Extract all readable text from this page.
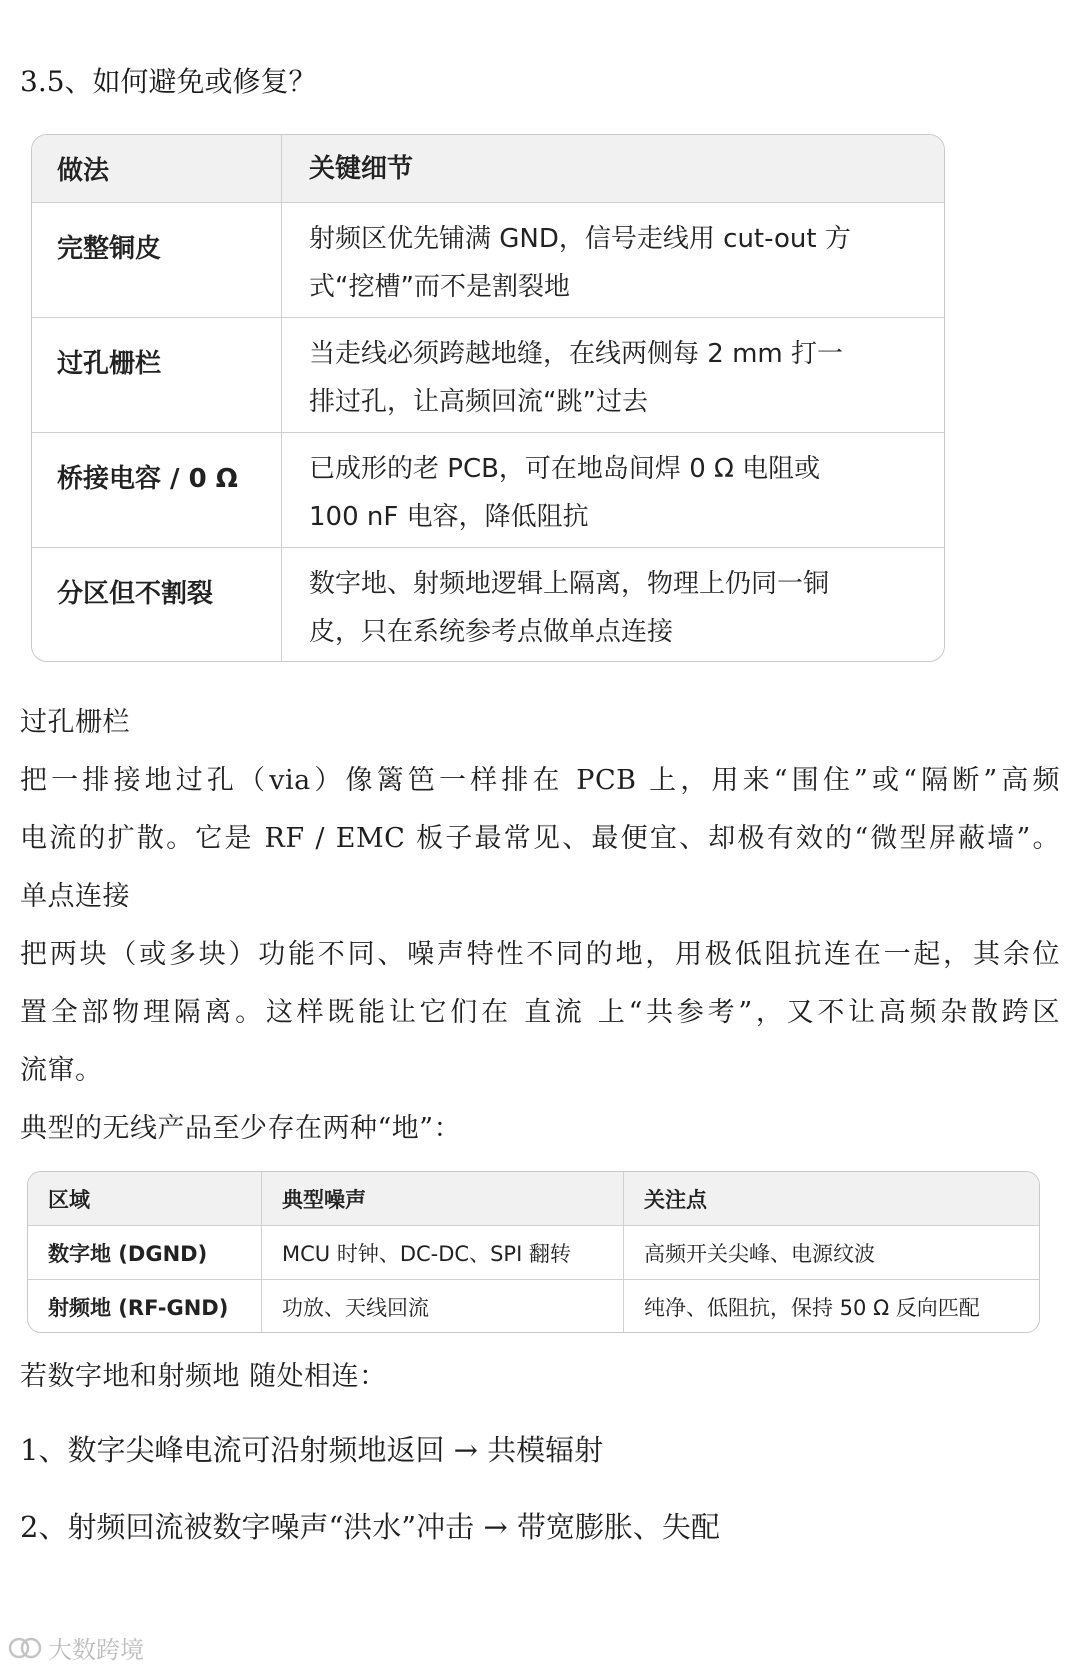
3.5、如何避免或修复？
做法	关键细节
完整铜皮	射频区优先铺满 GND，信号走线用 cut-out 方
式“挖槽”而不是割裂地
过孔栅栏	当走线必须跨越地缝，在线两侧每 2 mm 打一
排过孔，让高频回流“跳”过去
桥接电容 / 0 Ω	已成形的老 PCB，可在地岛间焊 0 Ω 电阻或
100 nF 电容，降低阻抗
分区但不割裂	数字地、射频地逻辑上隔离，物理上仍同一铜
皮，只在系统参考点做单点连接
过孔栅栏
把一排接地过孔（via）像篱笆一样排在 PCB 上，用来“围住”或“隔断”高频
电流的扩散。它是 RF / EMC 板子最常见、最便宜、却极有效的“微型屏蔽墙”。
单点连接
把两块（或多块）功能不同、噪声特性不同的地，用极低阻抗连在一起，其余位
置全部物理隔离。这样既能让它们在 直流 上“共参考”，又不让高频杂散跨区
流窜。
典型的无线产品至少存在两种“地”：
区域	典型噪声	关注点
数字地 (DGND)	MCU 时钟、DC-DC、SPI 翻转	高频开关尖峰、电源纹波
射频地 (RF-GND)	功放、天线回流	纯净、低阻抗，保持 50 Ω 反向匹配
若数字地和射频地 随处相连：
1、数字尖峰电流可沿射频地返回 → 共模辐射
2、射频回流被数字噪声“洪水”冲击 → 带宽膨胀、失配
大数跨境
